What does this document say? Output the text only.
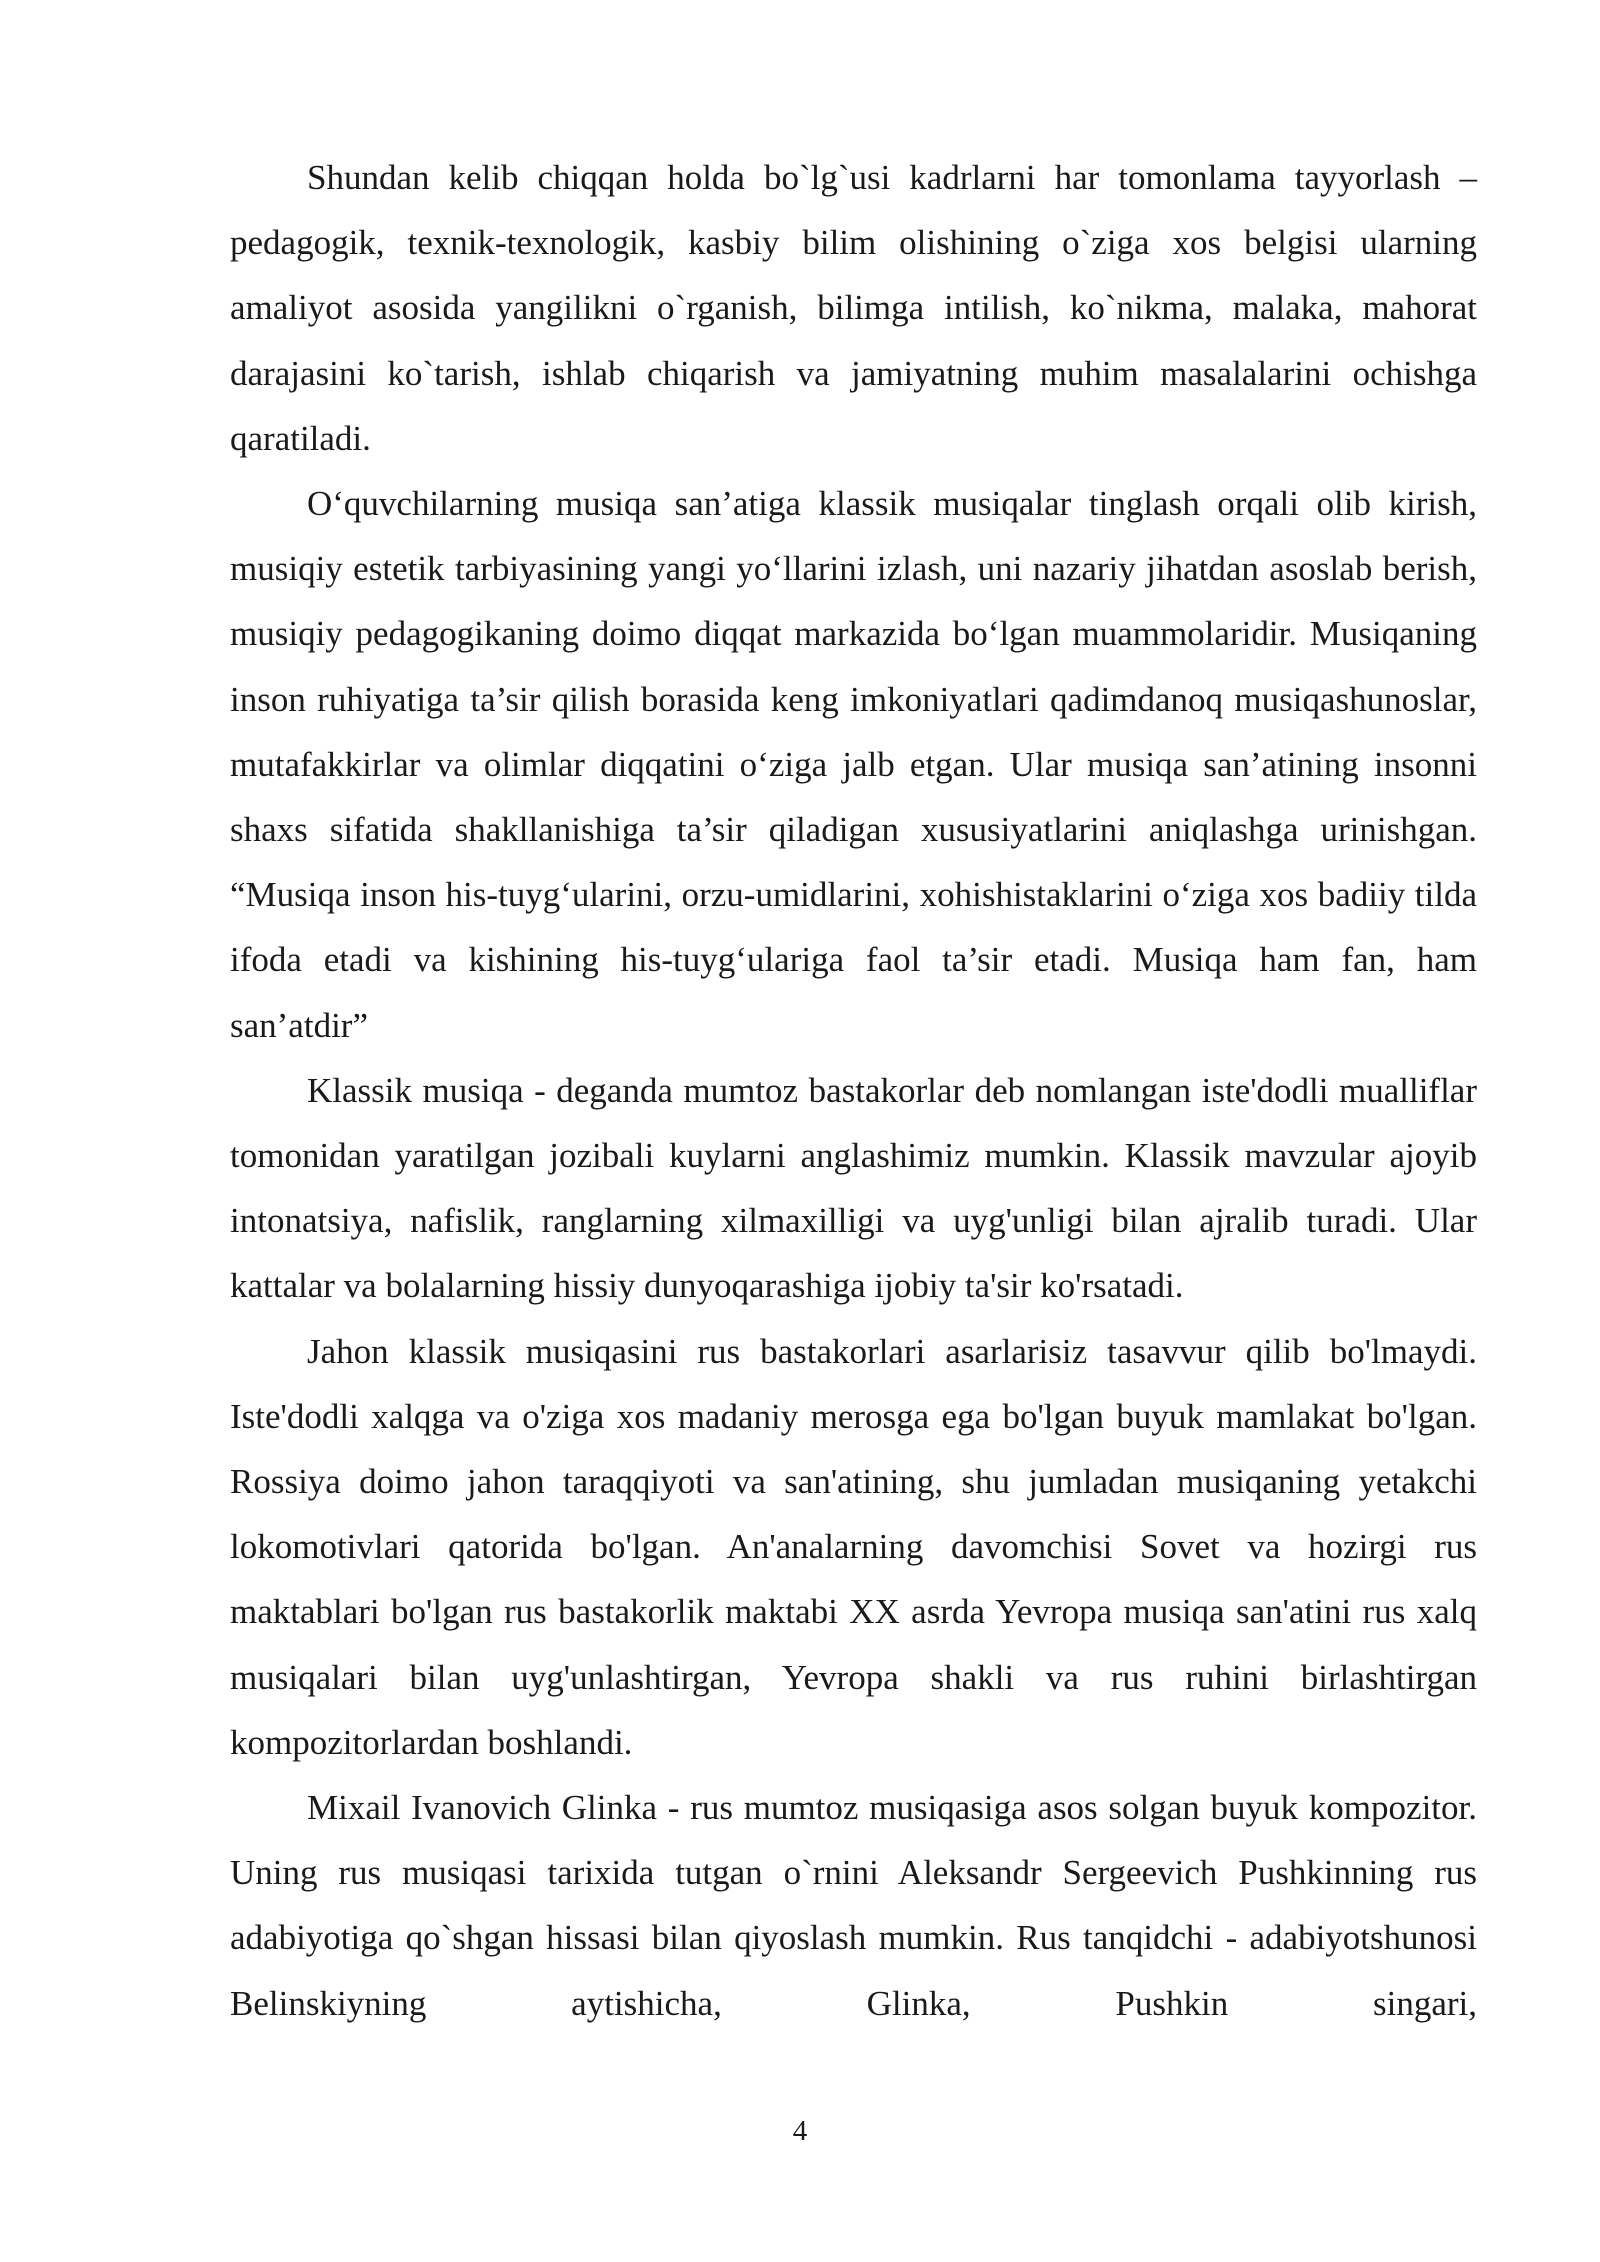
Shundan kelib chiqqan holda bo`lg`usi kadrlarni har tomonlama tayyorlash – pedagogik, texnik-texnologik, kasbiy bilim olishining o`ziga xos belgisi ularning amaliyot asosida yangilikni o`rganish, bilimga intilish, ko`nikma, malaka, mahorat darajasini ko`tarish, ishlab chiqarish va jamiyatning muhim masalalarini ochishga qaratiladi.

O‘quvchilarning musiqa san’atiga klassik musiqalar tinglash orqali olib kirish, musiqiy estetik tarbiyasining yangi yo‘llarini izlash, uni nazariy jihatdan asoslab berish, musiqiy pedagogikaning doimo diqqat markazida bo‘lgan muammolaridir. Musiqaning inson ruhiyatiga ta’sir qilish borasida keng imkoniyatlari qadimdanoq musiqashunoslar, mutafakkirlar va olimlar diqqatini o‘ziga jalb etgan. Ular musiqa san’atining insonni shaxs sifatida shakllanishiga ta’sir qiladigan xususiyatlarini aniqlashga urinishgan. “Musiqa inson his-tuyg‘ularini, orzu-umidlarini, xohishistaklarini o‘ziga xos badiiy tilda ifoda etadi va kishining his-tuyg‘ulariga faol ta’sir etadi. Musiqa ham fan, ham san’atdir”

Klassik musiqa - deganda mumtoz bastakorlar deb nomlangan iste'dodli mualliflar tomonidan yaratilgan jozibali kuylarni anglashimiz mumkin. Klassik mavzular ajoyib intonatsiya, nafislik, ranglarning xilmaxilligi va uyg'unligi bilan ajralib turadi. Ular kattalar va bolalarning hissiy dunyoqarashiga ijobiy ta'sir ko'rsatadi.

Jahon klassik musiqasini rus bastakorlari asarlarisiz tasavvur qilib bo'lmaydi. Iste'dodli xalqga va o'ziga xos madaniy merosga ega bo'lgan buyuk mamlakat bo'lgan. Rossiya doimo jahon taraqqiyoti va san'atining, shu jumladan musiqaning yetakchi lokomotivlari qatorida bo'lgan. An'analarning davomchisi Sovet va hozirgi rus maktablari bo'lgan rus bastakorlik maktabi XX asrda Yevropa musiqa san'atini rus xalq musiqalari bilan uyg'unlashtirgan, Yevropa shakli va rus ruhini birlashtirgan kompozitorlardan boshlandi.

Mixail Ivanovich Glinka - rus mumtoz musiqasiga asos solgan buyuk kompozitor. Uning rus musiqasi tarixida tutgan o`rnini Aleksandr Sergeevich Pushkinning rus adabiyotiga qo`shgan hissasi bilan qiyoslash mumkin. Rus tanqidchi - adabiyotshunosi Belinskiyning aytishicha, Glinka, Pushkin singari,

4
